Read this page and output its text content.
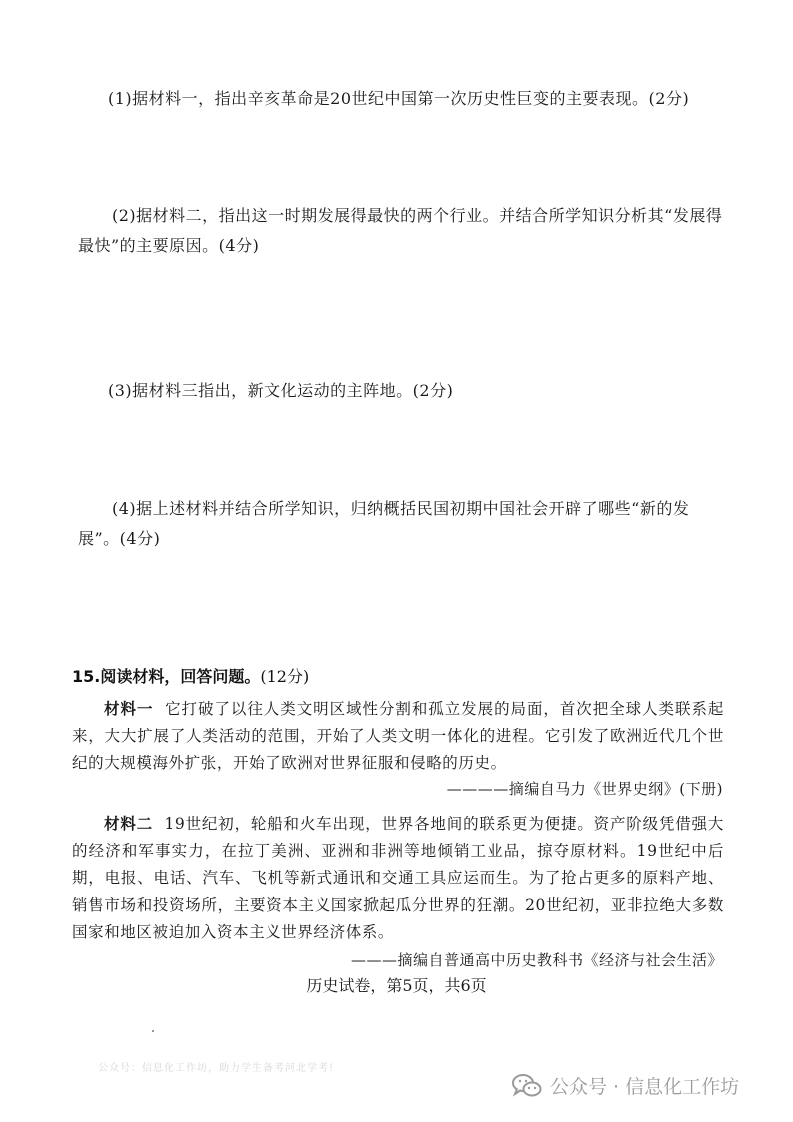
(1)据材料一，指出辛亥革命是20世纪中国第一次历史性巨变的主要表现。(2分)
(2)据材料二，指出这一时期发展得最快的两个行业。并结合所学知识分析其“发展得最快”的主要原因。(4分)
(3)据材料三指出，新文化运动的主阵地。(2分)
(4)据上述材料并结合所学知识，归纳概括民国初期中国社会开辟了哪些“新的发展”。(4分)
15.阅读材料，回答问题。(12分)
材料一 它打破了以往人类文明区域性分割和孤立发展的局面，首次把全球人类联系起来，大大扩展了人类活动的范围，开始了人类文明一体化的进程。它引发了欧洲近代几个世纪的大规模海外扩张，开始了欧洲对世界征服和侵略的历史。
————摘编自马力《世界史纲》(下册)
材料二 19世纪初，轮船和火车出现，世界各地间的联系更为便捷。资产阶级凭借强大的经济和军事实力，在拉丁美洲、亚洲和非洲等地倾销工业品，掠夺原材料。19世纪中后期，电报、电话、汽车、飞机等新式通讯和交通工具应运而生。为了抢占更多的原料产地、销售市场和投资场所，主要资本主义国家掀起瓜分世界的狂潮。20世纪初，亚非拉绝大多数国家和地区被迫加入资本主义世界经济体系。
———摘编自普通高中历史教科书《经济与社会生活》
历史试卷，第5页，共6页
公众号：信息化工作坊，助力学生备考河北学考!
公众号 · 信息化工作坊
